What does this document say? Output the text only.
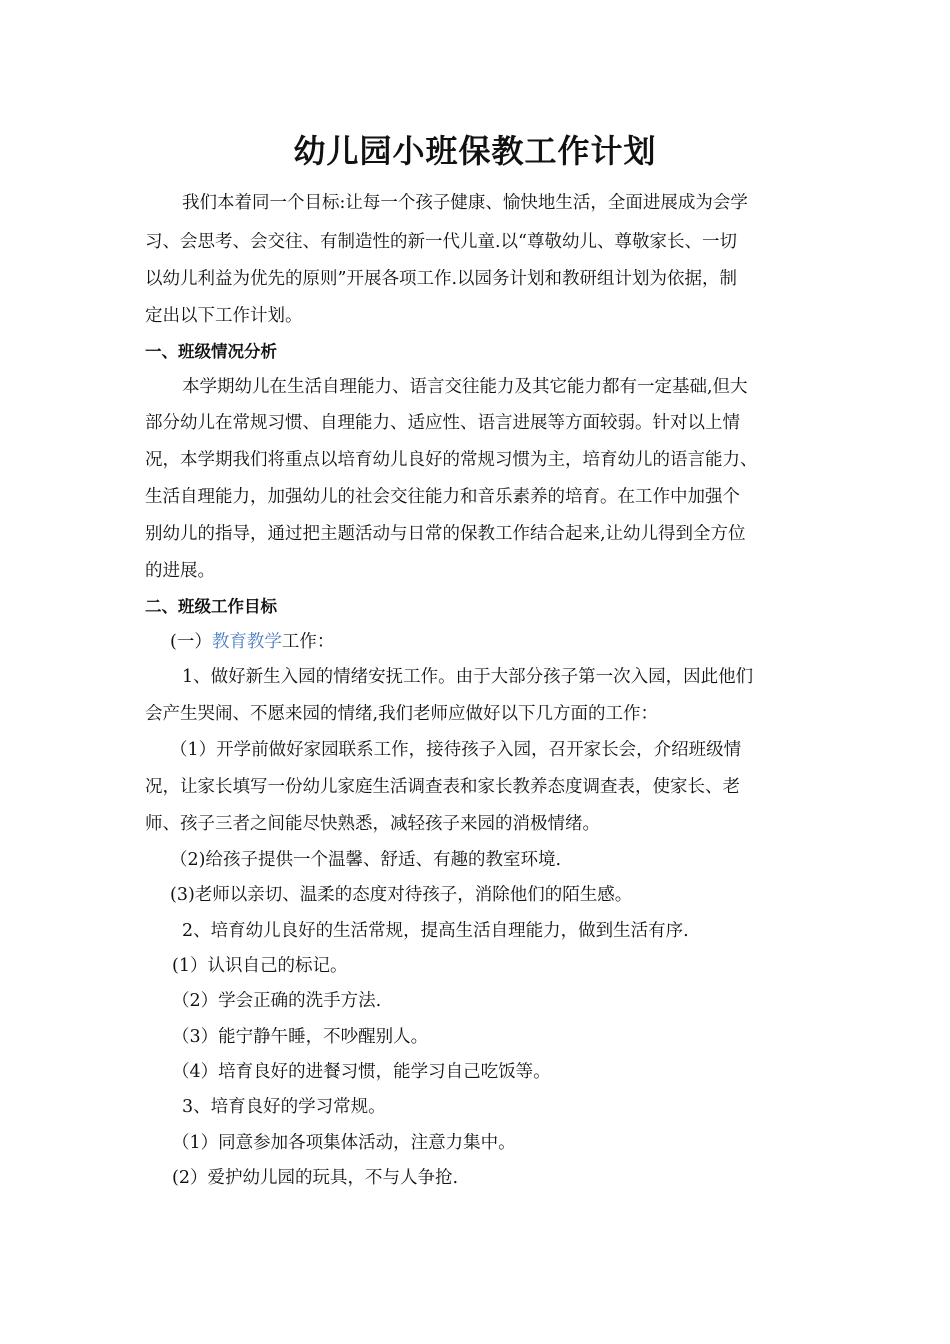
幼儿园小班保教工作计划

我们本着同一个目标:让每一个孩子健康、愉快地生活，全面进展成为会学

习、会思考、会交往、有制造性的新一代儿童.以“尊敬幼儿、尊敬家长、一切

以幼儿利益为优先的原则”开展各项工作.以园务计划和教研组计划为依据，制

定出以下工作计划。

一、班级情况分析

本学期幼儿在生活自理能力、语言交往能力及其它能力都有一定基础,但大

部分幼儿在常规习惯、自理能力、适应性、语言进展等方面较弱。针对以上情

况，本学期我们将重点以培育幼儿良好的常规习惯为主，培育幼儿的语言能力、

生活自理能力，加强幼儿的社会交往能力和音乐素养的培育。在工作中加强个

别幼儿的指导，通过把主题活动与日常的保教工作结合起来,让幼儿得到全方位

的进展。

二、班级工作目标

(一）教育教学工作：

1、做好新生入园的情绪安抚工作。由于大部分孩子第一次入园，因此他们

会产生哭闹、不愿来园的情绪,我们老师应做好以下几方面的工作：

（1）开学前做好家园联系工作，接待孩子入园，召开家长会，介绍班级情

况，让家长填写一份幼儿家庭生活调查表和家长教养态度调查表，使家长、老

师、孩子三者之间能尽快熟悉，减轻孩子来园的消极情绪。

（2)给孩子提供一个温馨、舒适、有趣的教室环境.

(3)老师以亲切、温柔的态度对待孩子，消除他们的陌生感。

2、培育幼儿良好的生活常规，提高生活自理能力，做到生活有序.

(1）认识自己的标记。

（2）学会正确的洗手方法.

（3）能宁静午睡，不吵醒别人。

（4）培育良好的进餐习惯，能学习自己吃饭等。

3、培育良好的学习常规。

（1）同意参加各项集体活动，注意力集中。

(2）爱护幼儿园的玩具，不与人争抢.
